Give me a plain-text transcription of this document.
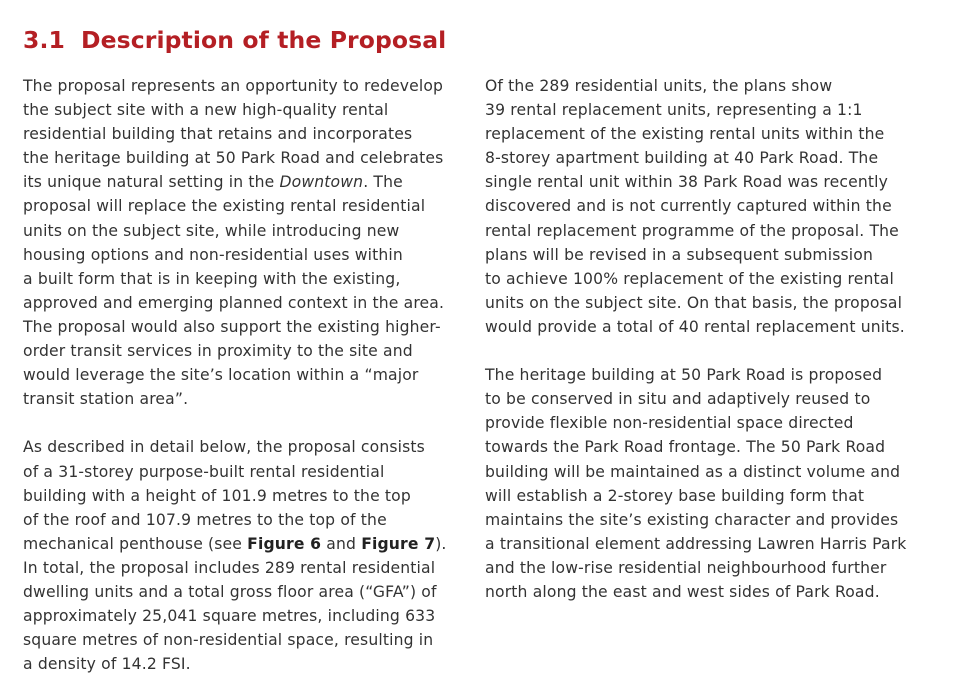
3.1 Description of the Proposal

The proposal represents an opportunity to redevelop
the subject site with a new high-quality rental
residential building that retains and incorporates
the heritage building at 50 Park Road and celebrates
its unique natural setting in the Downtown. The
proposal will replace the existing rental residential
units on the subject site, while introducing new
housing options and non-residential uses within
a built form that is in keeping with the existing,
approved and emerging planned context in the area.
The proposal would also support the existing higher-
order transit services in proximity to the site and
would leverage the site’s location within a “major
transit station area”.

As described in detail below, the proposal consists
of a 31-storey purpose-built rental residential
building with a height of 101.9 metres to the top
of the roof and 107.9 metres to the top of the
mechanical penthouse (see Figure 6 and Figure 7).
In total, the proposal includes 289 rental residential
dwelling units and a total gross floor area (“GFA”) of
approximately 25,041 square metres, including 633
square metres of non-residential space, resulting in
a density of 14.2 FSI.

Of the 289 residential units, the plans show
39 rental replacement units, representing a 1:1
replacement of the existing rental units within the
8-storey apartment building at 40 Park Road. The
single rental unit within 38 Park Road was recently
discovered and is not currently captured within the
rental replacement programme of the proposal. The
plans will be revised in a subsequent submission
to achieve 100% replacement of the existing rental
units on the subject site. On that basis, the proposal
would provide a total of 40 rental replacement units.

The heritage building at 50 Park Road is proposed
to be conserved in situ and adaptively reused to
provide flexible non-residential space directed
towards the Park Road frontage. The 50 Park Road
building will be maintained as a distinct volume and
will establish a 2-storey base building form that
maintains the site’s existing character and provides
a transitional element addressing Lawren Harris Park
and the low-rise residential neighbourhood further
north along the east and west sides of Park Road.
